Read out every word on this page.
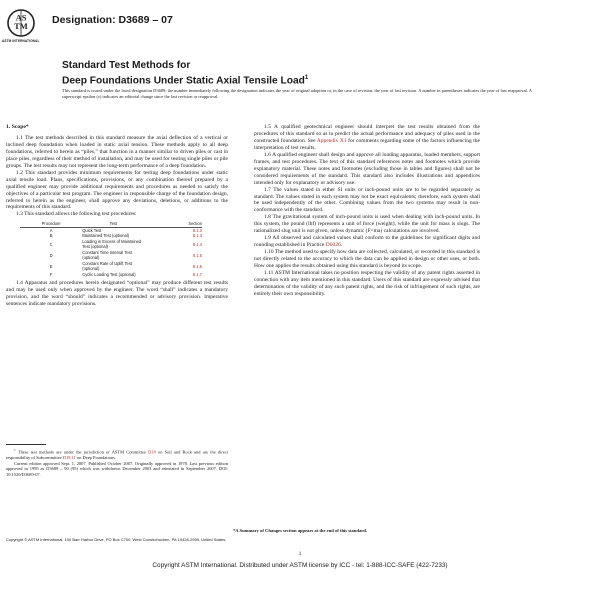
AS
TM
ASTM INTERNATIONAL
Designation: D3689 – 07
Standard Test Methods for
Deep Foundations Under Static Axial Tensile Load$^1$
This standard is issued under the fixed designation D3689; the number immediately following the designation indicates the year of original adoption or, in the case of revision, the year of last revision. A number in parentheses indicates the year of last reapproval. A superscript epsilon (ε) indicates an editorial change since the last revision or reapproval.

1. Scope*

1.1 The test methods described in this standard measure the axial deflection of a vertical or inclined deep foundation when loaded in static axial tension. These methods apply to all deep foundations, referred to herein as “piles,” that function in a manner similar to driven piles or cast in place piles, regardless of their method of installation, and may be used for testing single piles or pile groups. The test results may not represent the long-term performance of a deep foundation.

1.2 This standard provides minimum requirements for testing deep foundations under static axial tensile load. Plans, specifications, provisions, or any combination thereof prepared by a qualified engineer may provide additional requirements and procedures as needed to satisfy the objectives of a particular test program. The engineer in responsible charge of the foundation design, referred to herein as the engineer, shall approve any deviations, deletions, or additions to the requirements of this standard.

1.3 This standard allows the following test procedures:

Procedure	Test	Section
A	Quick Test	8.1.2
B	Maintained Test (optional)	8.1.3
C	Loading in Excess of Maintained Test (optional)	8.1.4
D	Constant Time Interval Test (optional)	8.1.5
E	Constant Rate of Uplift Test (optional)	8.1.6
F	Cyclic Loading Test (optional)	8.1.7

1.4 Apparatus and procedures herein designated “optional” may produce different test results and may be used only when approved by the engineer. The word “shall” indicates a mandatory provision, and the word “should” indicates a recommended or advisory provision. Imperative sentences indicate mandatory provisions.

1.5 A qualified geotechnical engineer should interpret the test results obtained from the procedures of this standard so as to predict the actual performance and adequacy of piles used in the constructed foundation. See Appendix X1 for comments regarding some of the factors influencing the interpretation of test results.

1.6 A qualified engineer shall design and approve all loading apparatus, loaded members, support frames, and test procedures. The text of this standard references notes and footnotes which provide explanatory material. These notes and footnotes (excluding those in tables and figures) shall not be considered requirements of the standard. This standard also includes illustrations and appendices intended only for explanatory or advisory use.

1.7 The values stated in either SI units or inch-pound units are to be regarded separately as standard. The values stated in each system may not be exact equivalents; therefore, each system shall be used independently of the other. Combining values from the two systems may result in non-conformance with the standard.

1.8 The gravitational system of inch-pound units is used when dealing with inch-pound units. In this system, the pound (lbf) represents a unit of force (weight), while the unit for mass is slugs. The rationalized slug unit is not given, unless dynamic (F=ma) calculations are involved.

1.9 All observed and calculated values shall conform to the guidelines for significant digits and rounding established in Practice D6026.

1.10 The method used to specify how data are collected, calculated, or recorded in this standard is not directly related to the accuracy to which the data can be applied in design or other uses, or both. How one applies the results obtained using this standard is beyond its scope.

1.11 ASTM International takes no position respecting the validity of any patent rights asserted in connection with any item mentioned in this standard. Users of this standard are expressly advised that determination of the validity of any such patent rights, and the risk of infringement of such rights, are entirely their own responsibility.

$^1$ These test methods are under the jurisdiction of ASTM Committee D18 on Soil and Rock and are the direct responsibility of Subcommittee D18.11 on Deep Foundations.

Current edition approved Sept. 1, 2007. Published October 2007. Originally approved in 1978. Last previous edition approved in 1995 as D3689 – 90 (95) which was withdrawn December 2003 and reinstated in September 2007. DOI: 10.1520/D3689-07.

*A Summary of Changes section appears at the end of this standard.
Copyright © ASTM International, 100 Barr Harbor Drive, PO Box C700, West Conshohocken, PA 19428-2959, United States.
1
Copyright ASTM International. Distributed under ASTM license by ICC - tel: 1-888-ICC-SAFE (422-7233)
